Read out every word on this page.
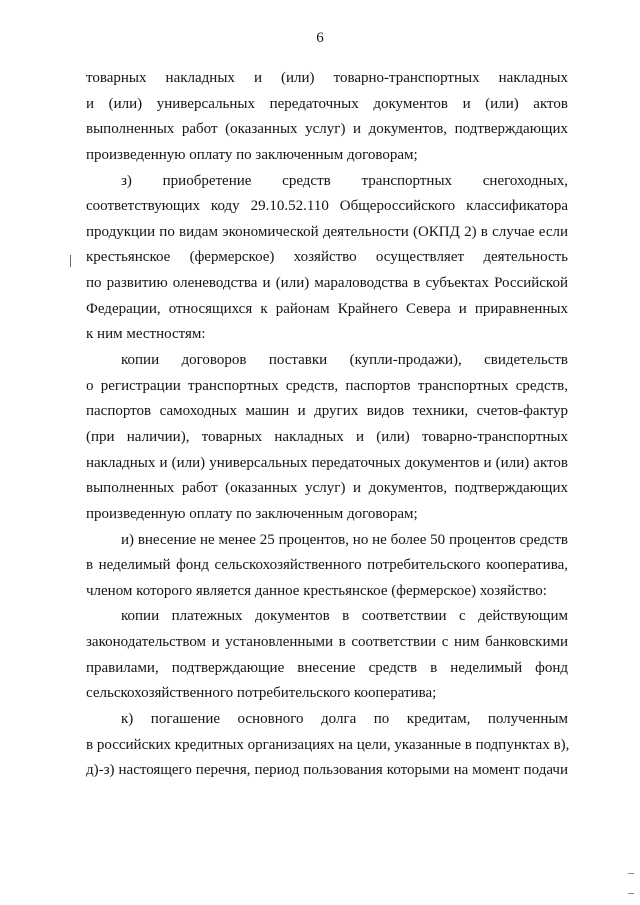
6
товарных накладных и (или) товарно-транспортных накладных
и (или) универсальных передаточных документов и (или) актов
выполненных работ (оказанных услуг) и документов, подтверждающих
произведенную оплату по заключенным договорам;
з) приобретение средств транспортных снегоходных,
соответствующих коду 29.10.52.110 Общероссийского классификатора
продукции по видам экономической деятельности (ОКПД 2) в случае если
крестьянское (фермерское) хозяйство осуществляет деятельность
по развитию оленеводства и (или) мараловодства в субъектах Российской
Федерации, относящихся к районам Крайнего Севера и приравненных
к ним местностям:
копии договоров поставки (купли-продажи), свидетельств
о регистрации транспортных средств, паспортов транспортных средств,
паспортов самоходных машин и других видов техники, счетов-фактур
(при наличии), товарных накладных и (или) товарно-транспортных
накладных и (или) универсальных передаточных документов и (или) актов
выполненных работ (оказанных услуг) и документов, подтверждающих
произведенную оплату по заключенным договорам;
и) внесение не менее 25 процентов, но не более 50 процентов средств
в неделимый фонд сельскохозяйственного потребительского кооператива,
членом которого является данное крестьянское (фермерское) хозяйство:
копии платежных документов в соответствии с действующим
законодательством и установленными в соответствии с ним банковскими
правилами, подтверждающие внесение средств в неделимый фонд
сельскохозяйственного потребительского кооператива;
к) погашение основного долга по кредитам, полученным
в российских кредитных организациях на цели, указанные в подпунктах в),
д)-з) настоящего перечня, период пользования которыми на момент подачи
